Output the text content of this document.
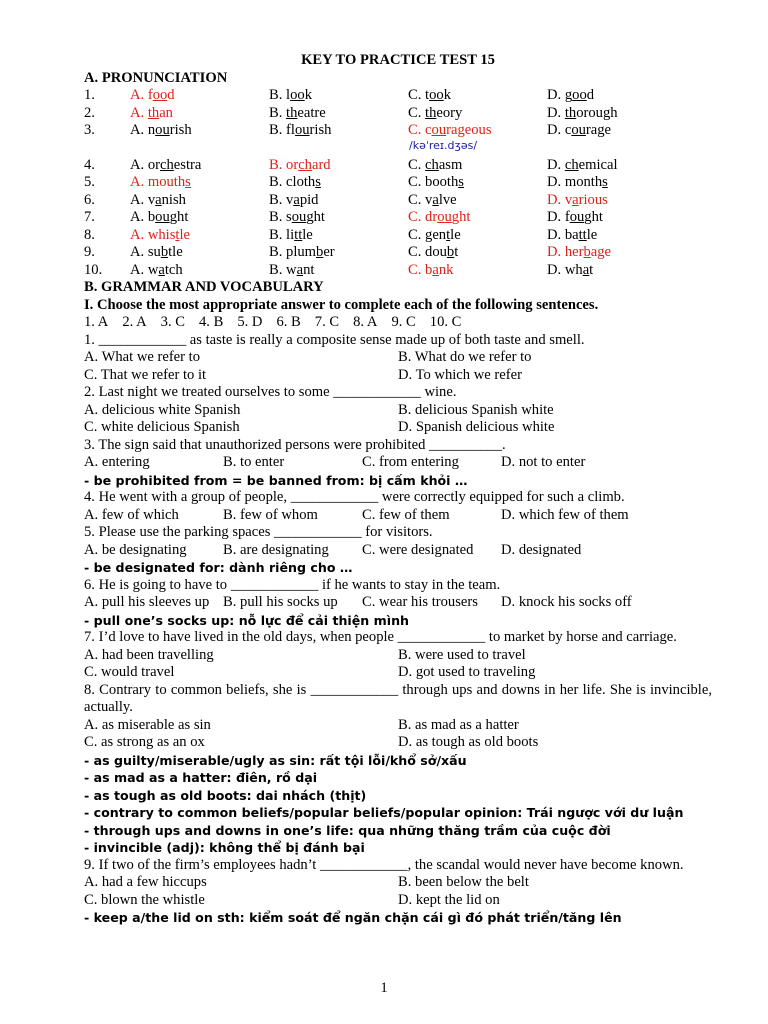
KEY TO PRACTICE TEST 15
A. PRONUNCIATION
1.	A. food	B. look	C. took	D. good
2.	A. than	B. theatre	C. theory	D. thorough
3.	A. nourish	B. flourish	C. courageous	D. courage
/kəˈreɪ.dʒəs/
4.	A. orchestra	B. orchard	C. chasm	D. chemical
5.	A. mouths	B. cloths	C. booths	D. months
6.	A. vanish	B. vapid	C. valve	D. various
7.	A. bought	B. sought	C. drought	D. fought
8.	A. whistle	B. little	C. gentle	D. battle
9.	A. subtle	B. plumber	C. doubt	D. herbage
10.	A. watch	B. want	C. bank	D. what
B. GRAMMAR AND VOCABULARY
I. Choose the most appropriate answer to complete each of the following sentences.
1. A 2. A 3. C 4. B 5. D 6. B 7. C 8. A 9. C 10. C
1. ____________ as taste is really a composite sense made up of both taste and smell.
A. What we refer to	B. What do we refer to
C. That we refer to it	D. To which we refer
2. Last night we treated ourselves to some ____________ wine.
A. delicious white Spanish	B. delicious Spanish white
C. white delicious Spanish	D. Spanish delicious white
3. The sign said that unauthorized persons were prohibited __________.
A. entering	B. to enter	C. from entering	D. not to enter
- be prohibited from = be banned from: bị cấm khỏi …
4. He went with a group of people, ____________ were correctly equipped for such a climb.
A. few of which	B. few of whom	C. few of them	D. which few of them
5. Please use the parking spaces ____________ for visitors.
A. be designating	B. are designating	C. were designated	D. designated
- be designated for: dành riêng cho …
6. He is going to have to ____________ if he wants to stay in the team.
A. pull his sleeves up B. pull his socks up	C. wear his trousers	D. knock his socks off
- pull one’s socks up: nỗ lực để cải thiện mình
7. I’d love to have lived in the old days, when people ____________ to market by horse and carriage.
A. had been travelling	B. were used to travel
C. would travel	D. got used to traveling
8. Contrary to common beliefs, she is ____________ through ups and downs in her life. She is invincible, actually.
A. as miserable as sin	B. as mad as a hatter
C. as strong as an ox	D. as tough as old boots
- as guilty/miserable/ugly as sin: rất tội lỗi/khổ sở/xấu
- as mad as a hatter: điên, rồ dại
- as tough as old boots: dai nhách (thịt)
- contrary to common beliefs/popular beliefs/popular opinion: Trái ngược với dư luận
- through ups and downs in one’s life: qua những thăng trầm của cuộc đời
- invincible (adj): không thể bị đánh bại
9. If two of the firm’s employees hadn’t ____________, the scandal would never have become known.
A. had a few hiccups	B. been below the belt
C. blown the whistle	D. kept the lid on
- keep a/the lid on sth: kiểm soát để ngăn chặn cái gì đó phát triển/tăng lên
1
